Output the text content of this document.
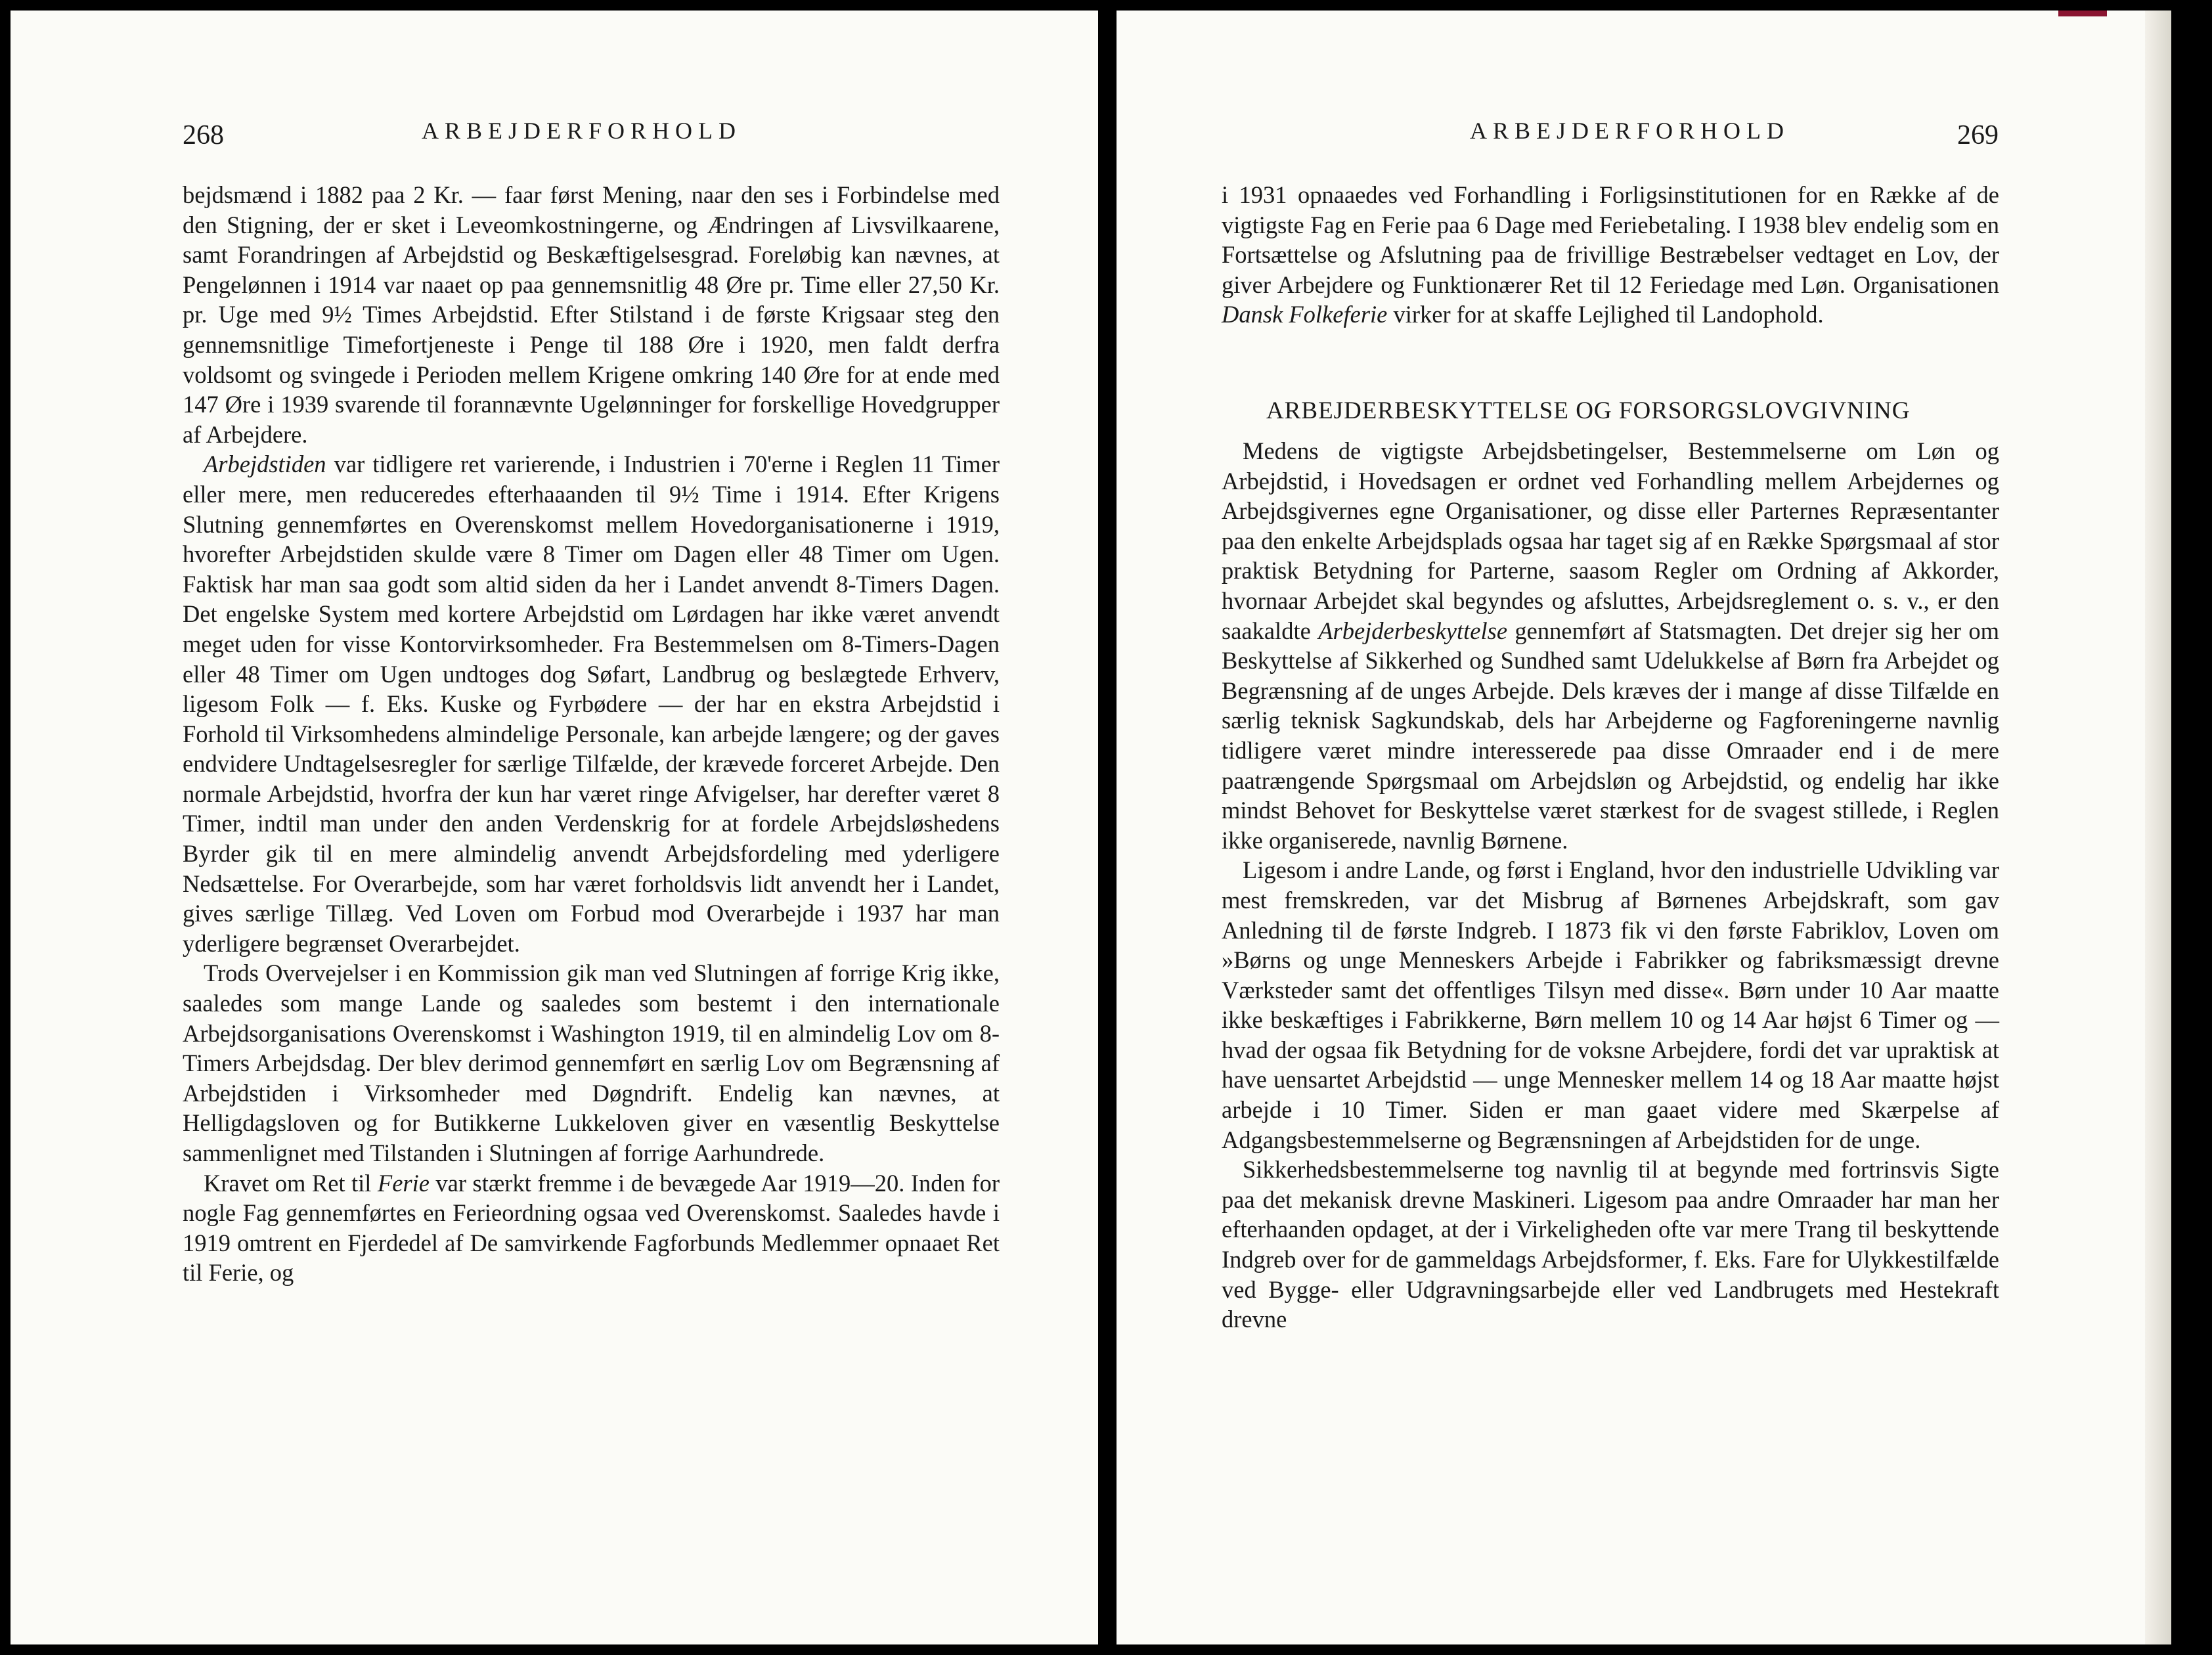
268	ARBEJDERFORHOLD

bejdsmænd i 1882 paa 2 Kr. — faar først Mening, naar den ses i Forbindelse med den Stigning, der er sket i Leveomkostningerne, og Ændringen af Livsvilkaarene, samt Forandringen af Arbejdstid og Beskæftigelsesgrad. Foreløbig kan nævnes, at Pengelønnen i 1914 var naaet op paa gennemsnitlig 48 Øre pr. Time eller 27,50 Kr. pr. Uge med 9½ Times Arbejdstid. Efter Stilstand i de første Krigsaar steg den gennemsnitlige Timefortjeneste i Penge til 188 Øre i 1920, men faldt derfra voldsomt og svingede i Perioden mellem Krigene omkring 140 Øre for at ende med 147 Øre i 1939 svarende til forannævnte Ugelønninger for forskellige Hovedgrupper af Arbejdere.

Arbejdstiden var tidligere ret varierende, i Industrien i 70'erne i Reglen 11 Timer eller mere, men reduceredes efterhaaanden til 9½ Time i 1914. Efter Krigens Slutning gennemførtes en Overenskomst mellem Hovedorganisationerne i 1919, hvorefter Arbejdstiden skulde være 8 Timer om Dagen eller 48 Timer om Ugen. Faktisk har man saa godt som altid siden da her i Landet anvendt 8-Timers Dagen. Det engelske System med kortere Arbejdstid om Lørdagen har ikke været anvendt meget uden for visse Kontorvirksomheder. Fra Bestemmelsen om 8-Timers-Dagen eller 48 Timer om Ugen undtoges dog Søfart, Landbrug og beslægtede Erhverv, ligesom Folk — f. Eks. Kuske og Fyrbødere — der har en ekstra Arbejdstid i Forhold til Virksomhedens almindelige Personale, kan arbejde længere; og der gaves endvidere Undtagelsesregler for særlige Tilfælde, der krævede forceret Arbejde. Den normale Arbejdstid, hvorfra der kun har været ringe Afvigelser, har derefter været 8 Timer, indtil man under den anden Verdenskrig for at fordele Arbejdsløshedens Byrder gik til en mere almindelig anvendt Arbejdsfordeling med yderligere Nedsættelse. For Overarbejde, som har været forholdsvis lidt anvendt her i Landet, gives særlige Tillæg. Ved Loven om Forbud mod Overarbejde i 1937 har man yderligere begrænset Overarbejdet.

Trods Overvejelser i en Kommission gik man ved Slutningen af forrige Krig ikke, saaledes som mange Lande og saaledes som bestemt i den internationale Arbejdsorganisations Overenskomst i Washington 1919, til en almindelig Lov om 8-Timers Arbejdsdag. Der blev derimod gennemført en særlig Lov om Begrænsning af Arbejdstiden i Virksomheder med Døgndrift. Endelig kan nævnes, at Helligdagsloven og for Butikkerne Lukkeloven giver en væsentlig Beskyttelse sammenlignet med Tilstanden i Slutningen af forrige Aarhundrede.

Kravet om Ret til Ferie var stærkt fremme i de bevægede Aar 1919—20. Inden for nogle Fag gennemførtes en Ferieordning ogsaa ved Overenskomst. Saaledes havde i 1919 omtrent en Fjerdedel af De samvirkende Fagforbunds Medlemmer opnaaet Ret til Ferie, og

ARBEJDERFORHOLD	269

i 1931 opnaaedes ved Forhandling i Forligsinstitutionen for en Række af de vigtigste Fag en Ferie paa 6 Dage med Feriebetaling. I 1938 blev endelig som en Fortsættelse og Afslutning paa de frivillige Bestræbelser vedtaget en Lov, der giver Arbejdere og Funktionærer Ret til 12 Feriedage med Løn. Organisationen Dansk Folkeferie virker for at skaffe Lejlighed til Landophold.

ARBEJDERBESKYTTELSE OG FORSORGSLOVGIVNING

Medens de vigtigste Arbejdsbetingelser, Bestemmelserne om Løn og Arbejdstid, i Hovedsagen er ordnet ved Forhandling mellem Arbejdernes og Arbejdsgivernes egne Organisationer, og disse eller Parternes Repræsentanter paa den enkelte Arbejdsplads ogsaa har taget sig af en Række Spørgsmaal af stor praktisk Betydning for Parterne, saasom Regler om Ordning af Akkorder, hvornaar Arbejdet skal begyndes og afsluttes, Arbejdsreglement o. s. v., er den saakaldte Arbejderbeskyttelse gennemført af Statsmagten. Det drejer sig her om Beskyttelse af Sikkerhed og Sundhed samt Udelukkelse af Børn fra Arbejdet og Begrænsning af de unges Arbejde. Dels kræves der i mange af disse Tilfælde en særlig teknisk Sagkundskab, dels har Arbejderne og Fagforeningerne navnlig tidligere været mindre interesserede paa disse Omraader end i de mere paatrængende Spørgsmaal om Arbejdsløn og Arbejdstid, og endelig har ikke mindst Behovet for Beskyttelse været stærkest for de svagest stillede, i Reglen ikke organiserede, navnlig Børnene.

Ligesom i andre Lande, og først i England, hvor den industrielle Udvikling var mest fremskreden, var det Misbrug af Børnenes Arbejdskraft, som gav Anledning til de første Indgreb. I 1873 fik vi den første Fabriklov, Loven om »Børns og unge Menneskers Arbejde i Fabrikker og fabriksmæssigt drevne Værksteder samt det offentliges Tilsyn med disse«. Børn under 10 Aar maatte ikke beskæftiges i Fabrikkerne, Børn mellem 10 og 14 Aar højst 6 Timer og — hvad der ogsaa fik Betydning for de voksne Arbejdere, fordi det var upraktisk at have uensartet Arbejdstid — unge Mennesker mellem 14 og 18 Aar maatte højst arbejde i 10 Timer. Siden er man gaaet videre med Skærpelse af Adgangsbestemmelserne og Begrænsningen af Arbejdstiden for de unge.

Sikkerhedsbestemmelserne tog navnlig til at begynde med fortrinsvis Sigte paa det mekanisk drevne Maskineri. Ligesom paa andre Omraader har man her efterhaanden opdaget, at der i Virkeligheden ofte var mere Trang til beskyttende Indgreb over for de gammeldags Arbejdsformer, f. Eks. Fare for Ulykkestilfælde ved Bygge- eller Udgravningsarbejde eller ved Landbrugets med Hestekraft drevne
